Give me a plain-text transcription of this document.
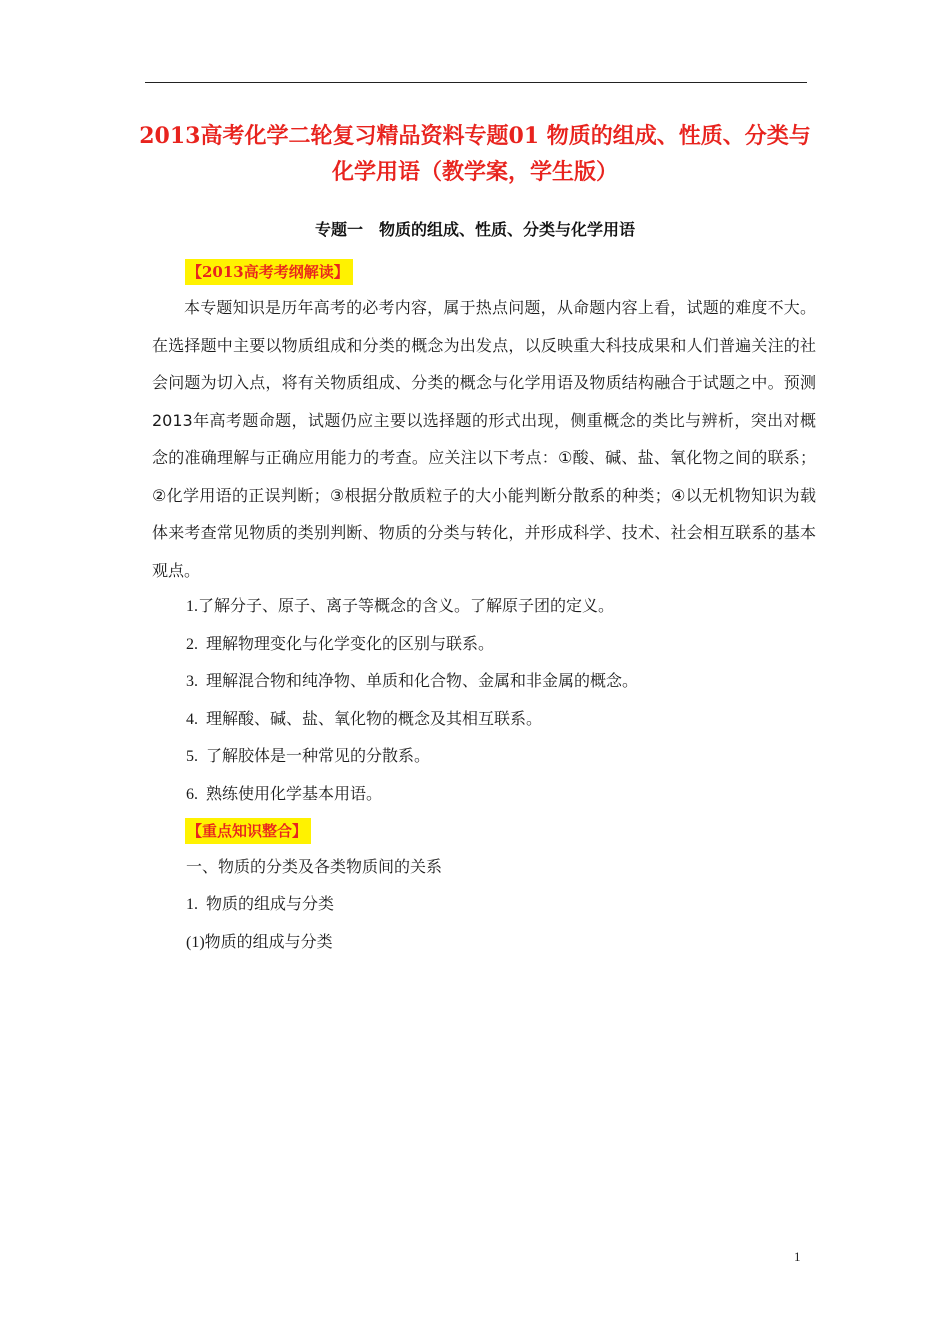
2013高考化学二轮复习精品资料专题01 物质的组成、性质、分类与化学用语（教学案，学生版）
专题一　物质的组成、性质、分类与化学用语
【2013高考考纲解读】

本专题知识是历年高考的必考内容，属于热点问题，从命题内容上看，试题的难度不大。在选择题中主要以物质组成和分类的概念为出发点，以反映重大科技成果和人们普遍关注的社会问题为切入点，将有关物质组成、分类的概念与化学用语及物质结构融合于试题之中。预测2013年高考题命题，试题仍应主要以选择题的形式出现，侧重概念的类比与辨析，突出对概念的准确理解与正确应用能力的考查。应关注以下考点：①酸、碱、盐、氧化物之间的联系；②化学用语的正误判断；③根据分散质粒子的大小能判断分散系的种类；④以无机物知识为载体来考查常见物质的类别判断、物质的分类与转化，并形成科学、技术、社会相互联系的基本观点。

1.了解分子、原子、离子等概念的含义。了解原子团的定义。
2. 理解物理变化与化学变化的区别与联系。
3. 理解混合物和纯净物、单质和化合物、金属和非金属的概念。
4. 理解酸、碱、盐、氧化物的概念及其相互联系。
5. 了解胶体是一种常见的分散系。
6. 熟练使用化学基本用语。
【重点知识整合】
一、物质的分类及各类物质间的关系
1. 物质的组成与分类
(1)物质的组成与分类
1
